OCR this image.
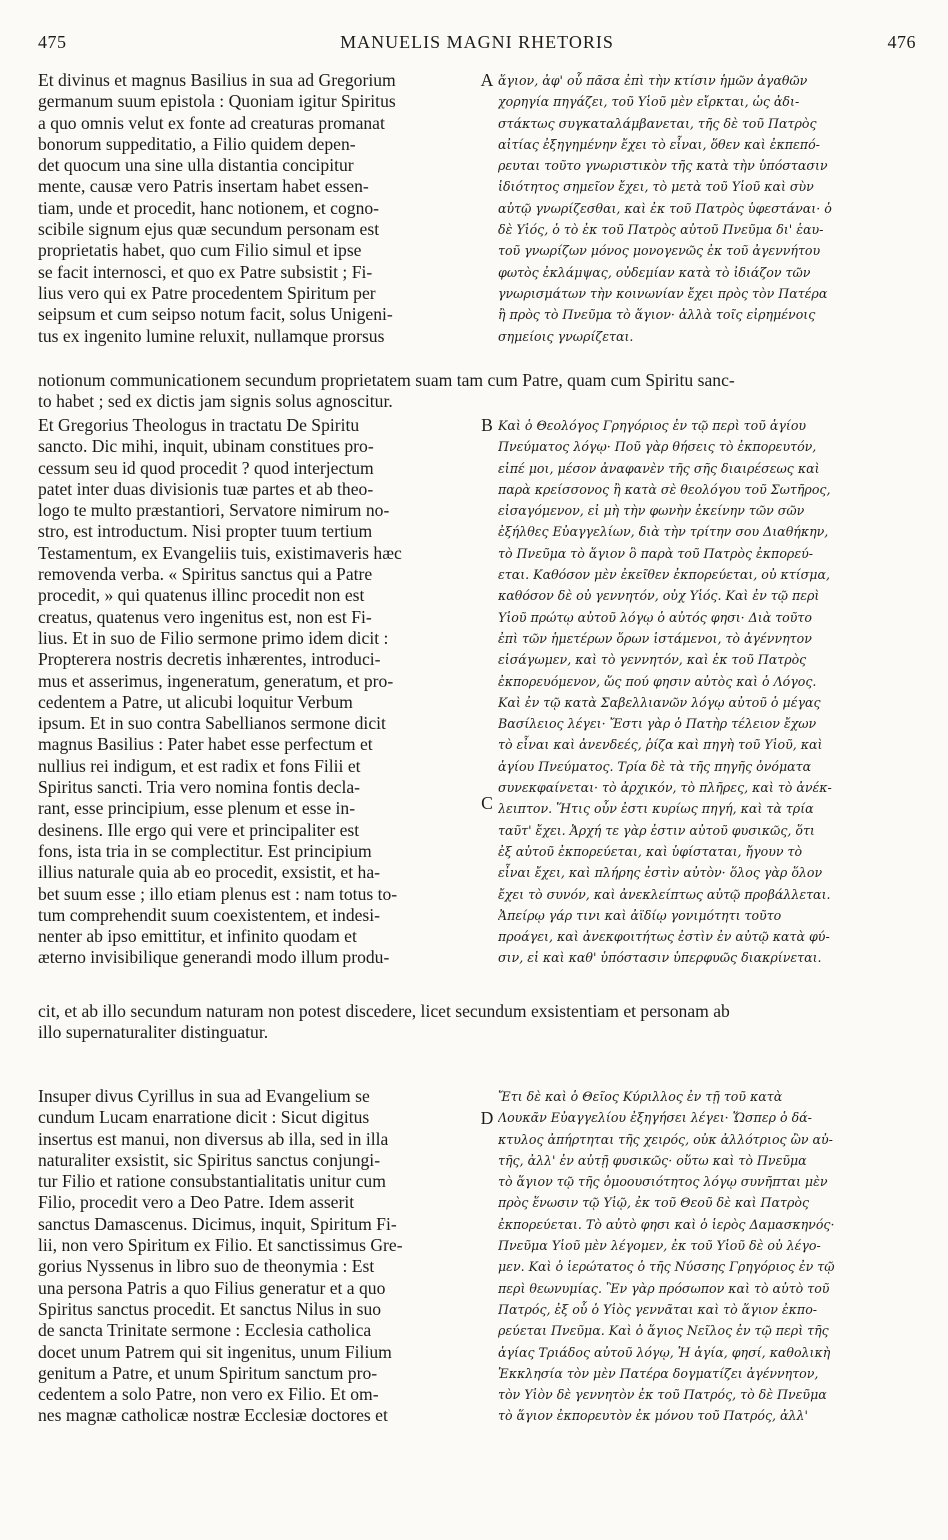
475	MANUELIS MAGNI RHETORIS	476
Et divinus et magnus Basilius in sua ad Gregorium
germanum suum epistola : Quoniam igitur Spiritus
a quo omnis velut ex fonte ad creaturas promanat
bonorum suppeditatio, a Filio quidem depen-
det quocum una sine ulla distantia concipitur
mente, causæ vero Patris insertam habet essen-
tiam, unde et procedit, hanc notionem, et cogno-
scibile signum ejus quæ secundum personam est
proprietatis habet, quo cum Filio simul et ipse
se facit internosci, et quo ex Patre subsistit ; Fi-
lius vero qui ex Patre procedentem Spiritum per
seipsum et cum seipso notum facit, solus Unigeni-
tus ex ingenito lumine reluxit, nullamque prorsus
A ἅγιον, ἀφ' οὗ πᾶσα ἐπὶ τὴν κτίσιν ἡμῶν ἀγαθῶν
χορηγία πηγάζει, τοῦ Υἱοῦ μὲν εἴρκται, ὡς ἀδι-
στάκτως συγκαταλάμβανεται, τῆς δὲ τοῦ Πατρὸς
αἰτίας ἐξηγημένην ἔχει τὸ εἶναι, ὅθεν καὶ ἐκπεπό-
ρευται τοῦτο γνωριστικὸν τῆς κατὰ τὴν ὑπόστασιν
ἰδιότητος σημεῖον ἔχει, τὸ μετὰ τοῦ Υἱοῦ καὶ σὺν
αὐτῷ γνωρίζεσθαι, καὶ ἐκ τοῦ Πατρὸς ὑφεστάναι· ὁ
δὲ Υἱός, ὁ τὸ ἐκ τοῦ Πατρὸς αὐτοῦ Πνεῦμα δι' ἑαυ-
τοῦ γνωρίζων μόνος μονογενῶς ἐκ τοῦ ἀγεννήτου
φωτὸς ἐκλάμψας, οὐδεμίαν κατὰ τὸ ἰδιάζον τῶν
γνωρισμάτων τὴν κοινωνίαν ἔχει πρὸς τὸν Πατέρα
ἢ πρὸς τὸ Πνεῦμα τὸ ἅγιον· ἀλλὰ τοῖς εἰρημένοις
σημείοις γνωρίζεται.
notionum communicationem secundum proprietatem suam tam cum Patre, quam cum Spiritu sanc-
to habet ; sed ex dictis jam signis solus agnoscitur.
Et Gregorius Theologus in tractatu De Spiritu
sancto. Dic mihi, inquit, ubinam constitues pro-
cessum seu id quod procedit ? quod interjectum
patet inter duas divisionis tuæ partes et ab theo-
logo te multo præstantiori, Servatore nimirum no-
stro, est introductum. Nisi propter tuum tertium
Testamentum, ex Evangeliis tuis, existimaveris hæc
removenda verba. « Spiritus sanctus qui a Patre
procedit, » qui quatenus illinc procedit non est
creatus, quatenus vero ingenitus est, non est Fi-
lius. Et in suo de Filio sermone primo idem dicit :
Propterera nostris decretis inhærentes, introduci-
mus et asserimus, ingeneratum, generatum, et pro-
cedentem a Patre, ut alicubi loquitur Verbum
ipsum. Et in suo contra Sabellianos sermone dicit
magnus Basilius : Pater habet esse perfectum et
nullius rei indigum, et est radix et fons Filii et
Spiritus sancti. Tria vero nomina fontis decla-
rant, esse principium, esse plenum et esse in-
desinens. Ille ergo qui vere et principaliter est
fons, ista tria in se complectitur. Est principium
illius naturale quia ab eo procedit, exsistit, et ha-
bet suum esse ; illo etiam plenus est : nam totus to-
tum comprehendit suum coexistentem, et indesi-
nenter ab ipso emittitur, et infinito quodam et
æterno invisibilique generandi modo illum produ-
B
C
Καὶ ὁ Θεολόγος Γρηγόριος ἐν τῷ περὶ τοῦ ἁγίου
Πνεύματος λόγῳ· Ποῦ γὰρ θήσεις τὸ ἐκπορευτόν,
εἰπέ μοι, μέσον ἀναφανὲν τῆς σῆς διαιρέσεως καὶ
παρὰ κρείσσονος ἢ κατὰ σὲ θεολόγου τοῦ Σωτῆρος,
εἰσαγόμενον, εἰ μὴ τὴν φωνὴν ἐκείνην τῶν σῶν
ἐξήλθες Εὐαγγελίων, διὰ τὴν τρίτην σου Διαθήκην,
τὸ Πνεῦμα τὸ ἅγιον ὃ παρὰ τοῦ Πατρὸς ἐκπορεύ-
εται. Καθόσον μὲν ἐκεῖθεν ἐκπορεύεται, οὐ κτίσμα,
καθόσον δὲ οὐ γεννητόν, οὐχ Υἱός. Καὶ ἐν τῷ περὶ
Υἱοῦ πρώτῳ αὐτοῦ λόγῳ ὁ αὐτός φησι· Διὰ τοῦτο
ἐπὶ τῶν ἡμετέρων ὅρων ἱστάμενοι, τὸ ἀγέννητον
εἰσάγωμεν, καὶ τὸ γεννητόν, καὶ ἐκ τοῦ Πατρὸς
ἐκπορευόμενον, ὥς πού φησιν αὐτὸς καὶ ὁ Λόγος.
Καὶ ἐν τῷ κατὰ Σαβελλιανῶν λόγῳ αὐτοῦ ὁ μέγας
Βασίλειος λέγει· Ἔστι γὰρ ὁ Πατὴρ τέλειον ἔχων
τὸ εἶναι καὶ ἀνενδεές, ῥίζα καὶ πηγὴ τοῦ Υἱοῦ, καὶ
ἁγίου Πνεύματος. Τρία δὲ τὰ τῆς πηγῆς ὀνόματα
συνεκφαίνεται· τὸ ἀρχικόν, τὸ πλῆρες, καὶ τὸ ἀνέκ-
λειπτον. Ἥτις οὖν ἐστι κυρίως πηγή, καὶ τὰ τρία
ταῦτ' ἔχει. Ἀρχή τε γὰρ ἐστιν αὐτοῦ φυσικῶς, ὅτι
ἐξ αὐτοῦ ἐκπορεύεται, καὶ ὑφίσταται, ἤγουν τὸ
εἶναι ἔχει, καὶ πλήρης ἐστὶν αὐτὸν· ὅλος γὰρ ὅλον
ἔχει τὸ συνόν, καὶ ἀνεκλείπτως αὐτῷ προβάλλεται.
Ἀπείρῳ γάρ τινι καὶ ἀϊδίῳ γονιμότητι τοῦτο
προάγει, καὶ ἀνεκφοιτήτως ἐστὶν ἐν αὐτῷ κατὰ φύ-
σιν, εἰ καὶ καθ' ὑπόστασιν ὑπερφυῶς διακρίνεται.
cit, et ab illo secundum naturam non potest discedere, licet secundum exsistentiam et personam ab
illo supernaturaliter distinguatur.
Insuper divus Cyrillus in sua ad Evangelium se
cundum Lucam enarratione dicit : Sicut digitus
insertus est manui, non diversus ab illa, sed in illa
naturaliter exsistit, sic Spiritus sanctus conjungi-
tur Filio et ratione consubstantialitatis unitur cum
Filio, procedit vero a Deo Patre. Idem asserit
sanctus Damascenus. Dicimus, inquit, Spiritum Fi-
lii, non vero Spiritum ex Filio. Et sanctissimus Gre-
gorius Nyssenus in libro suo de theonymia : Est
una persona Patris a quo Filius generatur et a quo
Spiritus sanctus procedit. Et sanctus Nilus in suo
de sancta Trinitate sermone : Ecclesia catholica
docet unum Patrem qui sit ingenitus, unum Filium
genitum a Patre, et unum Spiritum sanctum pro-
cedentem a solo Patre, non vero ex Filio. Et om-
nes magnæ catholicæ nostræ Ecclesiæ doctores et
D
Ἔτι δὲ καὶ ὁ Θεῖος Κύριλλος ἐν τῇ τοῦ κατὰ
Λουκᾶν Εὐαγγελίου ἐξηγήσει λέγει· Ὥσπερ ὁ δά-
κτυλος ἀπήρτηται τῆς χειρός, οὐκ ἀλλότριος ὢν αὐ-
τῆς, ἀλλ' ἐν αὐτῇ φυσικῶς· οὕτω καὶ τὸ Πνεῦμα
τὸ ἅγιον τῷ τῆς ὁμοουσιότητος λόγῳ συνῆπται μὲν
πρὸς ἕνωσιν τῷ Υἱῷ, ἐκ τοῦ Θεοῦ δὲ καὶ Πατρὸς
ἐκπορεύεται. Τὸ αὐτὸ φησι καὶ ὁ ἱερὸς Δαμασκηνός·
Πνεῦμα Υἱοῦ μὲν λέγομεν, ἐκ τοῦ Υἱοῦ δὲ οὐ λέγο-
μεν. Καὶ ὁ ἱερώτατος ὁ τῆς Νύσσης Γρηγόριος ἐν τῷ
περὶ θεωνυμίας. Ἓν γὰρ πρόσωπον καὶ τὸ αὐτὸ τοῦ
Πατρός, ἐξ οὗ ὁ Υἱὸς γεννᾶται καὶ τὸ ἅγιον ἐκπο-
ρεύεται Πνεῦμα. Καὶ ὁ ἅγιος Νεῖλος ἐν τῷ περὶ τῆς
ἁγίας Τριάδος αὐτοῦ λόγῳ, Ἡ ἁγία, φησί, καθολικὴ
Ἐκκλησία τὸν μὲν Πατέρα δογματίζει ἀγέννητον,
τὸν Υἱὸν δὲ γεννητὸν ἐκ τοῦ Πατρός, τὸ δὲ Πνεῦμα
τὸ ἅγιον ἐκπορευτὸν ἐκ μόνου τοῦ Πατρός, ἀλλ'
